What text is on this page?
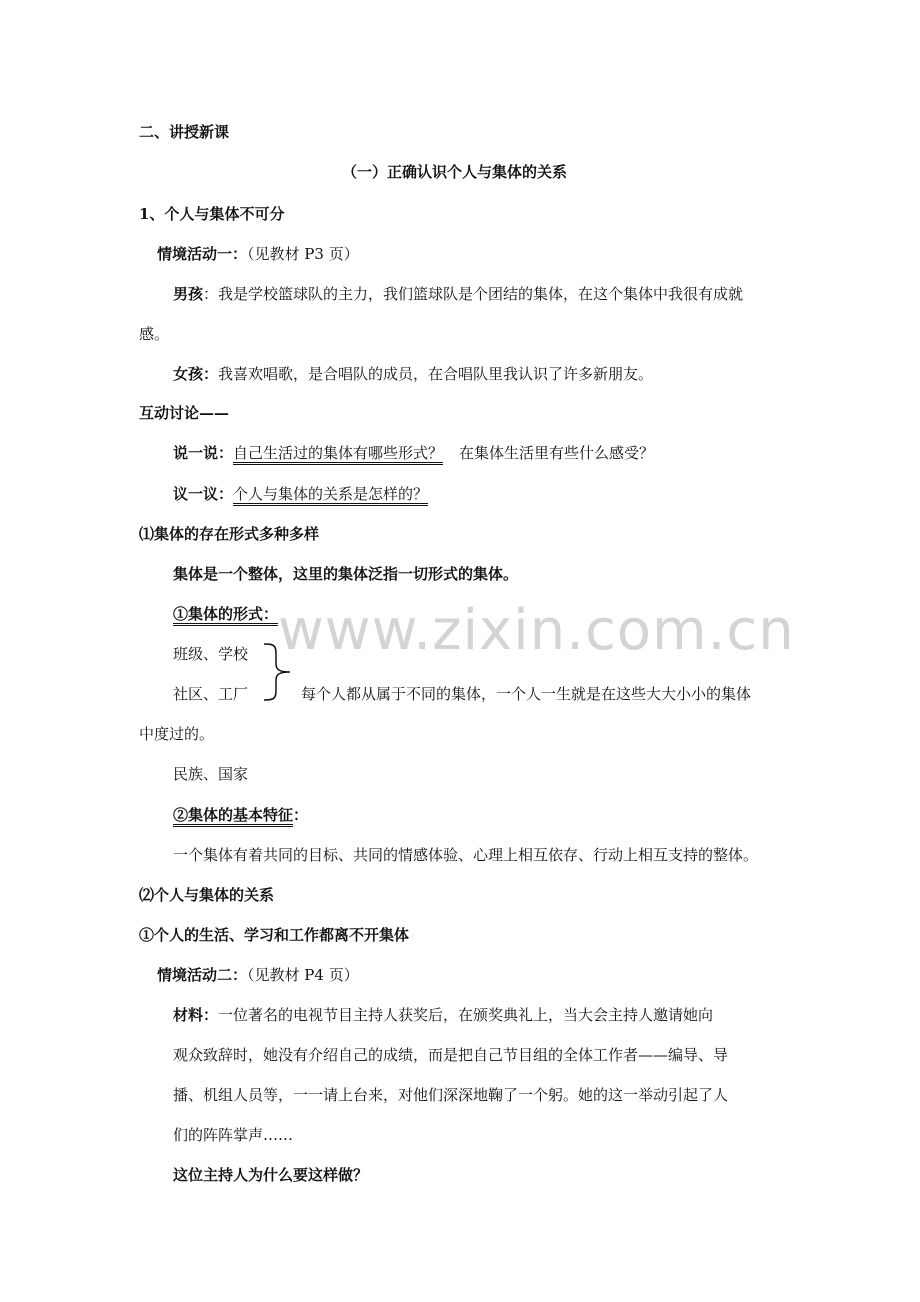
www.zixin.com.cn
二、讲授新课
（一）正确认识个人与集体的关系
1、个人与集体不可分
情境活动一：（见教材 P3 页）
男孩：我是学校篮球队的主力，我们篮球队是个团结的集体，在这个集体中我很有成就
感。
女孩：我喜欢唱歌，是合唱队的成员，在合唱队里我认识了许多新朋友。
互动讨论——
说一说：自己生活过的集体有哪些形式？ 在集体生活里有些什么感受？
议一议：个人与集体的关系是怎样的？
⑴集体的存在形式多种多样
集体是一个整体，这里的集体泛指一切形式的集体。
①集体的形式：
班级、学校
社区、工厂	每个人都从属于不同的集体，一个人一生就是在这些大大小小的集体
中度过的。
民族、国家
②集体的基本特征：
一个集体有着共同的目标、共同的情感体验、心理上相互依存、行动上相互支持的整体。
⑵个人与集体的关系
①个人的生活、学习和工作都离不开集体
情境活动二：（见教材 P4 页）
材料：一位著名的电视节目主持人获奖后，在颁奖典礼上，当大会主持人邀请她向
观众致辞时，她没有介绍自己的成绩，而是把自己节目组的全体工作者——编导、导
播、机组人员等，一一请上台来，对他们深深地鞠了一个躬。她的这一举动引起了人
们的阵阵掌声……
这位主持人为什么要这样做？
